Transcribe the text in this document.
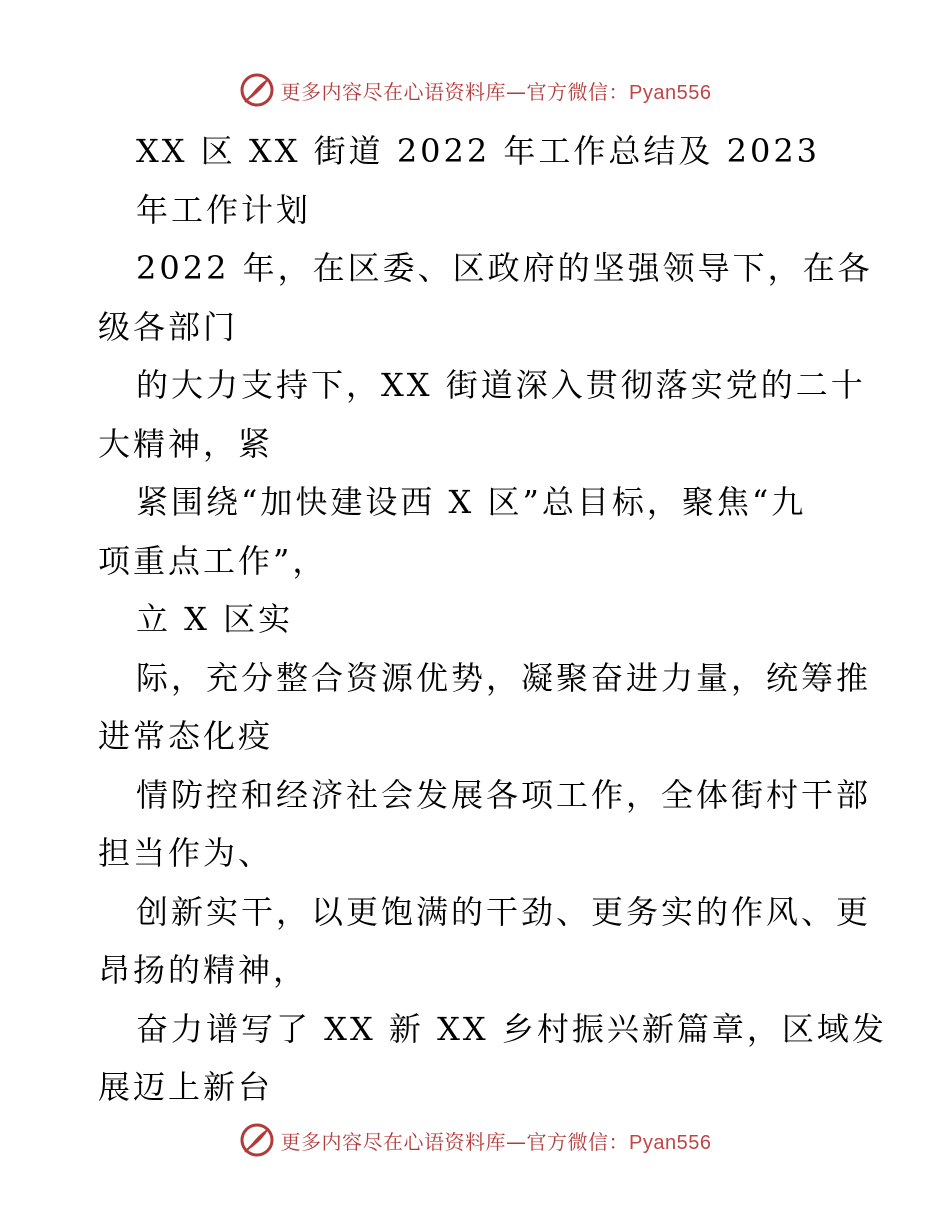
更多内容尽在心语资料库—官方微信：Pyan556
XX 区 XX 街道 2022 年工作总结及 2023
年工作计划
2022 年，在区委、区政府的坚强领导下，在各
级各部门
的大力支持下，XX 街道深入贯彻落实党的二十
大精神，紧
紧围绕“加快建设西 X 区”总目标，聚焦“九
项重点工作”，
立 X 区实
际，充分整合资源优势，凝聚奋进力量，统筹推
进常态化疫
情防控和经济社会发展各项工作，全体街村干部
担当作为、
创新实干，以更饱满的干劲、更务实的作风、更
昂扬的精神，
奋力谱写了 XX 新 XX 乡村振兴新篇章，区域发
展迈上新台
更多内容尽在心语资料库—官方微信：Pyan556
